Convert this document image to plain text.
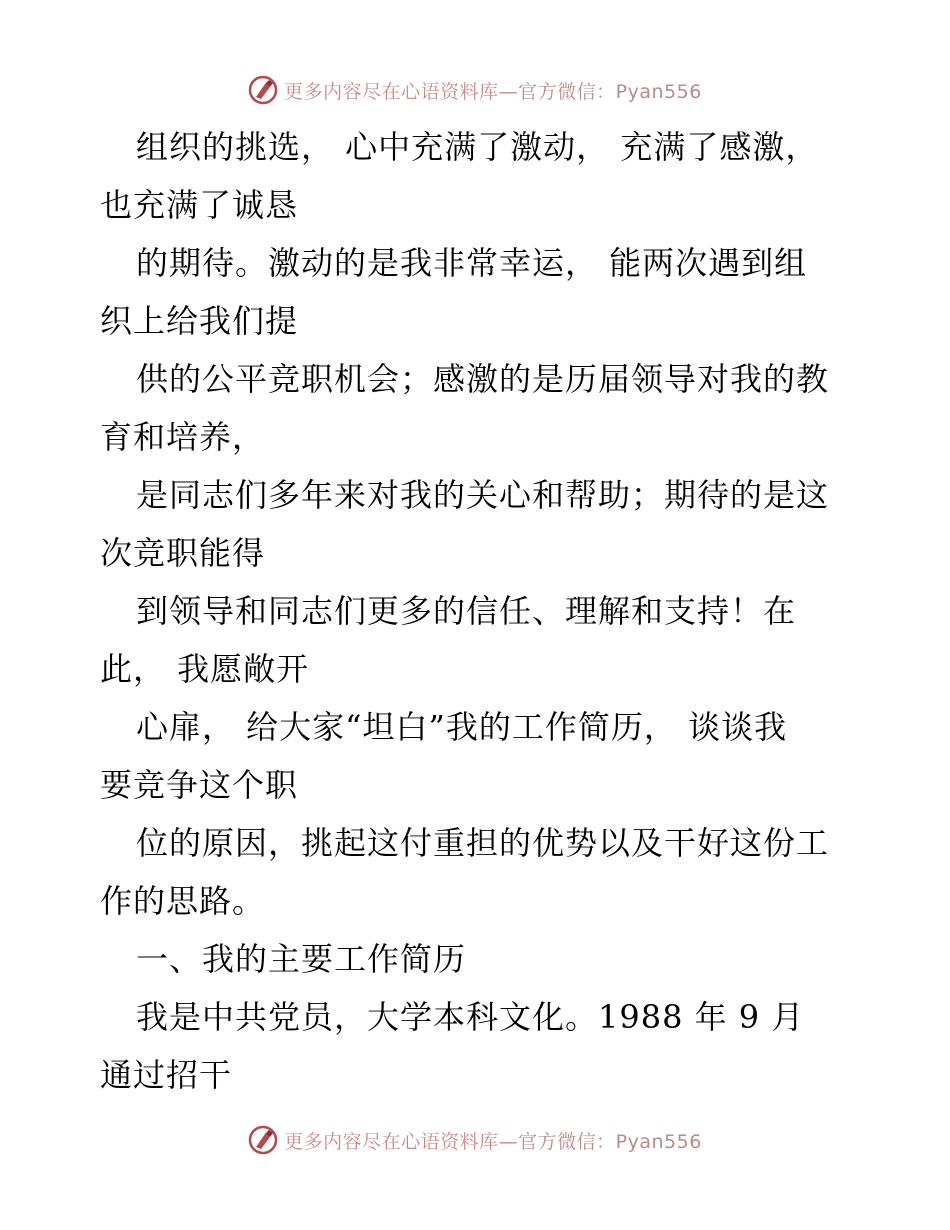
更多内容尽在心语资料库—官方微信：Pyan556
组织的挑选， 心中充满了激动， 充满了感激，
也充满了诚恳
的期待。激动的是我非常幸运， 能两次遇到组
织上给我们提
供的公平竞职机会；感激的是历届领导对我的教
育和培养，
是同志们多年来对我的关心和帮助；期待的是这
次竞职能得
到领导和同志们更多的信任、理解和支持！在
此， 我愿敞开
心扉， 给大家“坦白”我的工作简历， 谈谈我
要竞争这个职
位的原因，挑起这付重担的优势以及干好这份工
作的思路。
一、我的主要工作简历
我是中共党员，大学本科文化。1988 年 9 月
通过招干
更多内容尽在心语资料库—官方微信：Pyan556
